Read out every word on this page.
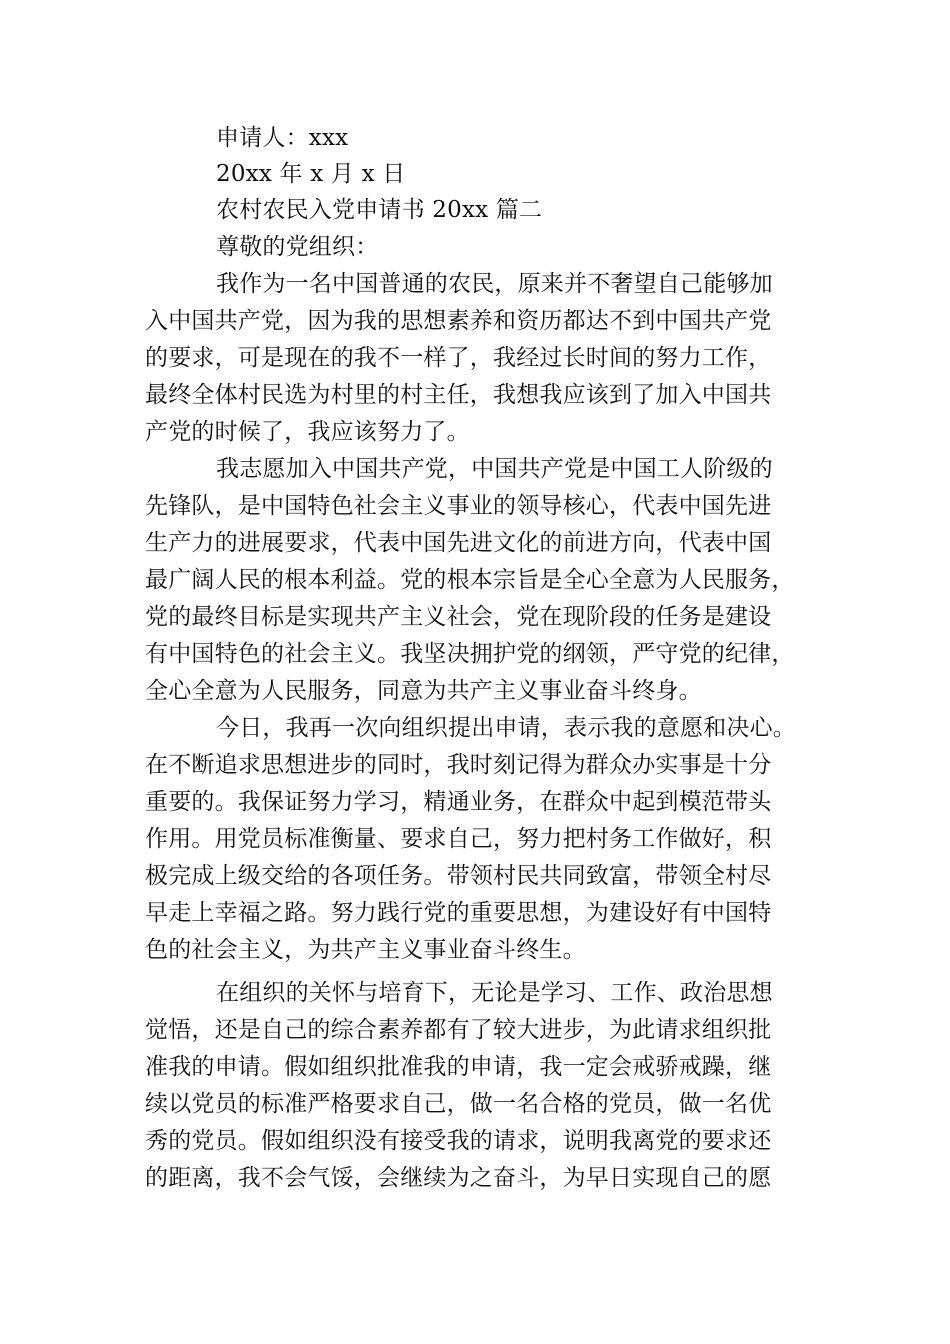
申请人：xxx
20xx 年 x 月 x 日
农村农民入党申请书 20xx 篇二
尊敬的党组织：
我作为一名中国普通的农民，原来并不奢望自己能够加
入中国共产党，因为我的思想素养和资历都达不到中国共产党
的要求，可是现在的我不一样了，我经过长时间的努力工作，
最终全体村民选为村里的村主任，我想我应该到了加入中国共
产党的时候了，我应该努力了。
我志愿加入中国共产党，中国共产党是中国工人阶级的
先锋队，是中国特色社会主义事业的领导核心，代表中国先进
生产力的进展要求，代表中国先进文化的前进方向，代表中国
最广阔人民的根本利益。党的根本宗旨是全心全意为人民服务，
党的最终目标是实现共产主义社会，党在现阶段的任务是建设
有中国特色的社会主义。我坚决拥护党的纲领，严守党的纪律，
全心全意为人民服务，同意为共产主义事业奋斗终身。
今日，我再一次向组织提出申请，表示我的意愿和决心。
在不断追求思想进步的同时，我时刻记得为群众办实事是十分
重要的。我保证努力学习，精通业务，在群众中起到模范带头
作用。用党员标准衡量、要求自己，努力把村务工作做好，积
极完成上级交给的各项任务。带领村民共同致富，带领全村尽
早走上幸福之路。努力践行党的重要思想，为建设好有中国特
色的社会主义，为共产主义事业奋斗终生。
在组织的关怀与培育下，无论是学习、工作、政治思想
觉悟，还是自己的综合素养都有了较大进步，为此请求组织批
准我的申请。假如组织批准我的申请，我一定会戒骄戒躁，继
续以党员的标准严格要求自己，做一名合格的党员，做一名优
秀的党员。假如组织没有接受我的请求，说明我离党的要求还
的距离，我不会气馁，会继续为之奋斗，为早日实现自己的愿
